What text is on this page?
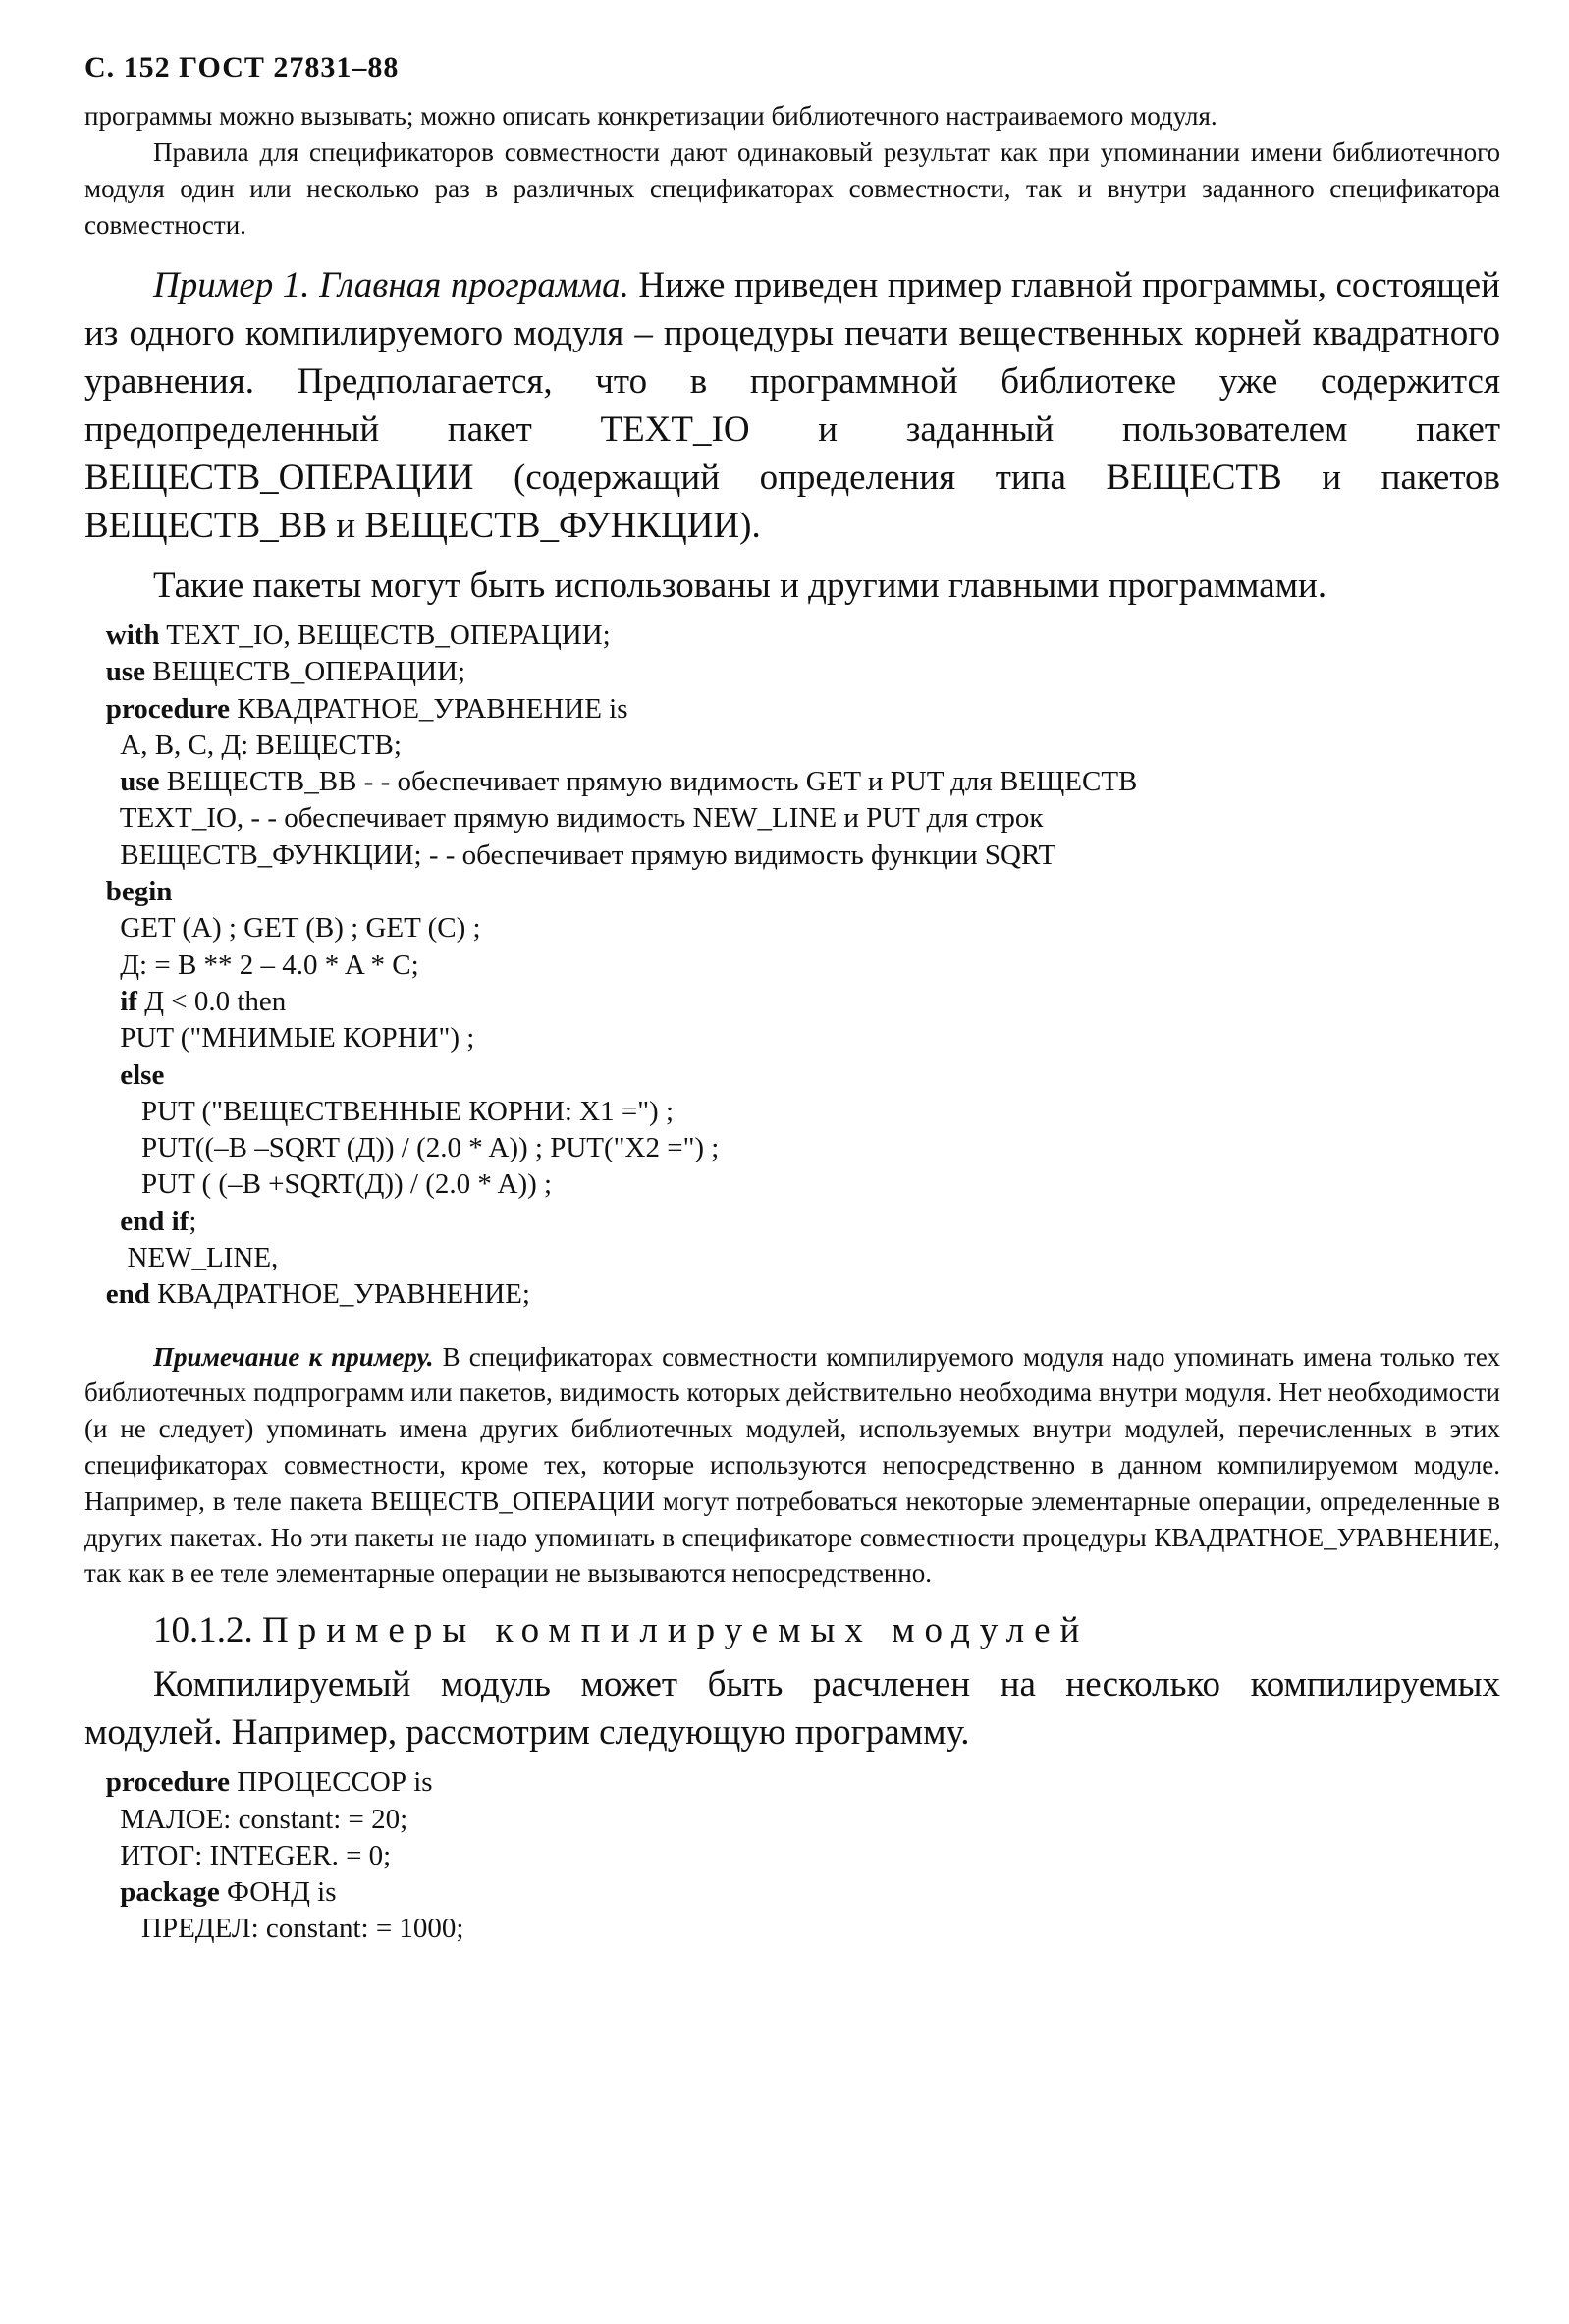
С. 152 ГОСТ 27831–88

программы можно вызывать; можно описать конкретизации библиотечного настраиваемого модуля.

Правила для спецификаторов совместности дают одинаковый результат как при упоминании имени библиотечного модуля один или несколько раз в различных спецификаторах совместности, так и внутри заданного спецификатора совместности.

Пример 1. Главная программа. Ниже приведен пример главной программы, состоящей из одного компилируемого модуля – процедуры печати вещественных корней квадратного уравнения. Предполагается, что в программной библиотеке уже содержится предопределенный пакет TEXT_IO и заданный пользователем пакет ВЕЩЕСТВ_ОПЕРАЦИИ (содержащий определения типа ВЕЩЕСТВ и пакетов ВЕЩЕСТВ_ВВ и ВЕЩЕСТВ_ФУНКЦИИ).

Такие пакеты могут быть использованы и другими главными программами.

with TEXT_IO, ВЕЩЕСТВ_ОПЕРАЦИИ;
use ВЕЩЕСТВ_ОПЕРАЦИИ;
procedure КВАДРАТНОЕ_УРАВНЕНИЕ is
А, В, С, Д: ВЕЩЕСТВ;
use ВЕЩЕСТВ_ВВ - - обеспечивает прямую видимость GET и PUT для ВЕЩЕСТВ
TEXT_IO, - - обеспечивает прямую видимость NEW_LINE и PUT для строк
ВЕЩЕСТВ_ФУНКЦИИ; - - обеспечивает прямую видимость функции SQRT
begin
GET (A) ; GET (B) ; GET (C) ;
Д: = B ** 2 – 4.0 * A * C;
if Д < 0.0 then
PUT ("МНИМЫЕ КОРНИ") ;
else
PUT ("ВЕЩЕСТВЕННЫЕ КОРНИ: X1 =") ;
PUT((–B –SQRT (Д)) / (2.0 * A)) ; PUT("X2 =") ;
PUT ( (–B +SQRT(Д)) / (2.0 * A)) ;
end if;
NEW_LINE,
end КВАДРАТНОЕ_УРАВНЕНИЕ;

Примечание к примеру. В спецификаторах совместности компилируемого модуля надо упоминать имена только тех библиотечных подпрограмм или пакетов, видимость которых действительно необходима внутри модуля. Нет необходимости (и не следует) упоминать имена других библиотечных модулей, используемых внутри модулей, перечисленных в этих спецификаторах совместности, кроме тех, которые используются непосредственно в данном компилируемом модуле. Например, в теле пакета ВЕЩЕСТВ_ОПЕРАЦИИ могут потребоваться некоторые элементарные операции, определенные в других пакетах. Но эти пакеты не надо упоминать в спецификаторе совместности процедуры КВАДРАТНОЕ_УРАВНЕНИЕ, так как в ее теле элементарные операции не вызываются непосредственно.

10.1.2. Примеры компилируемых модулей

Компилируемый модуль может быть расчленен на несколько компилируемых модулей. Например, рассмотрим следующую программу.

procedure ПРОЦЕССОР is
МАЛОЕ: constant: = 20;
ИТОГ: INTEGER. = 0;
package ФОНД is
ПРЕДЕЛ: constant: = 1000;
